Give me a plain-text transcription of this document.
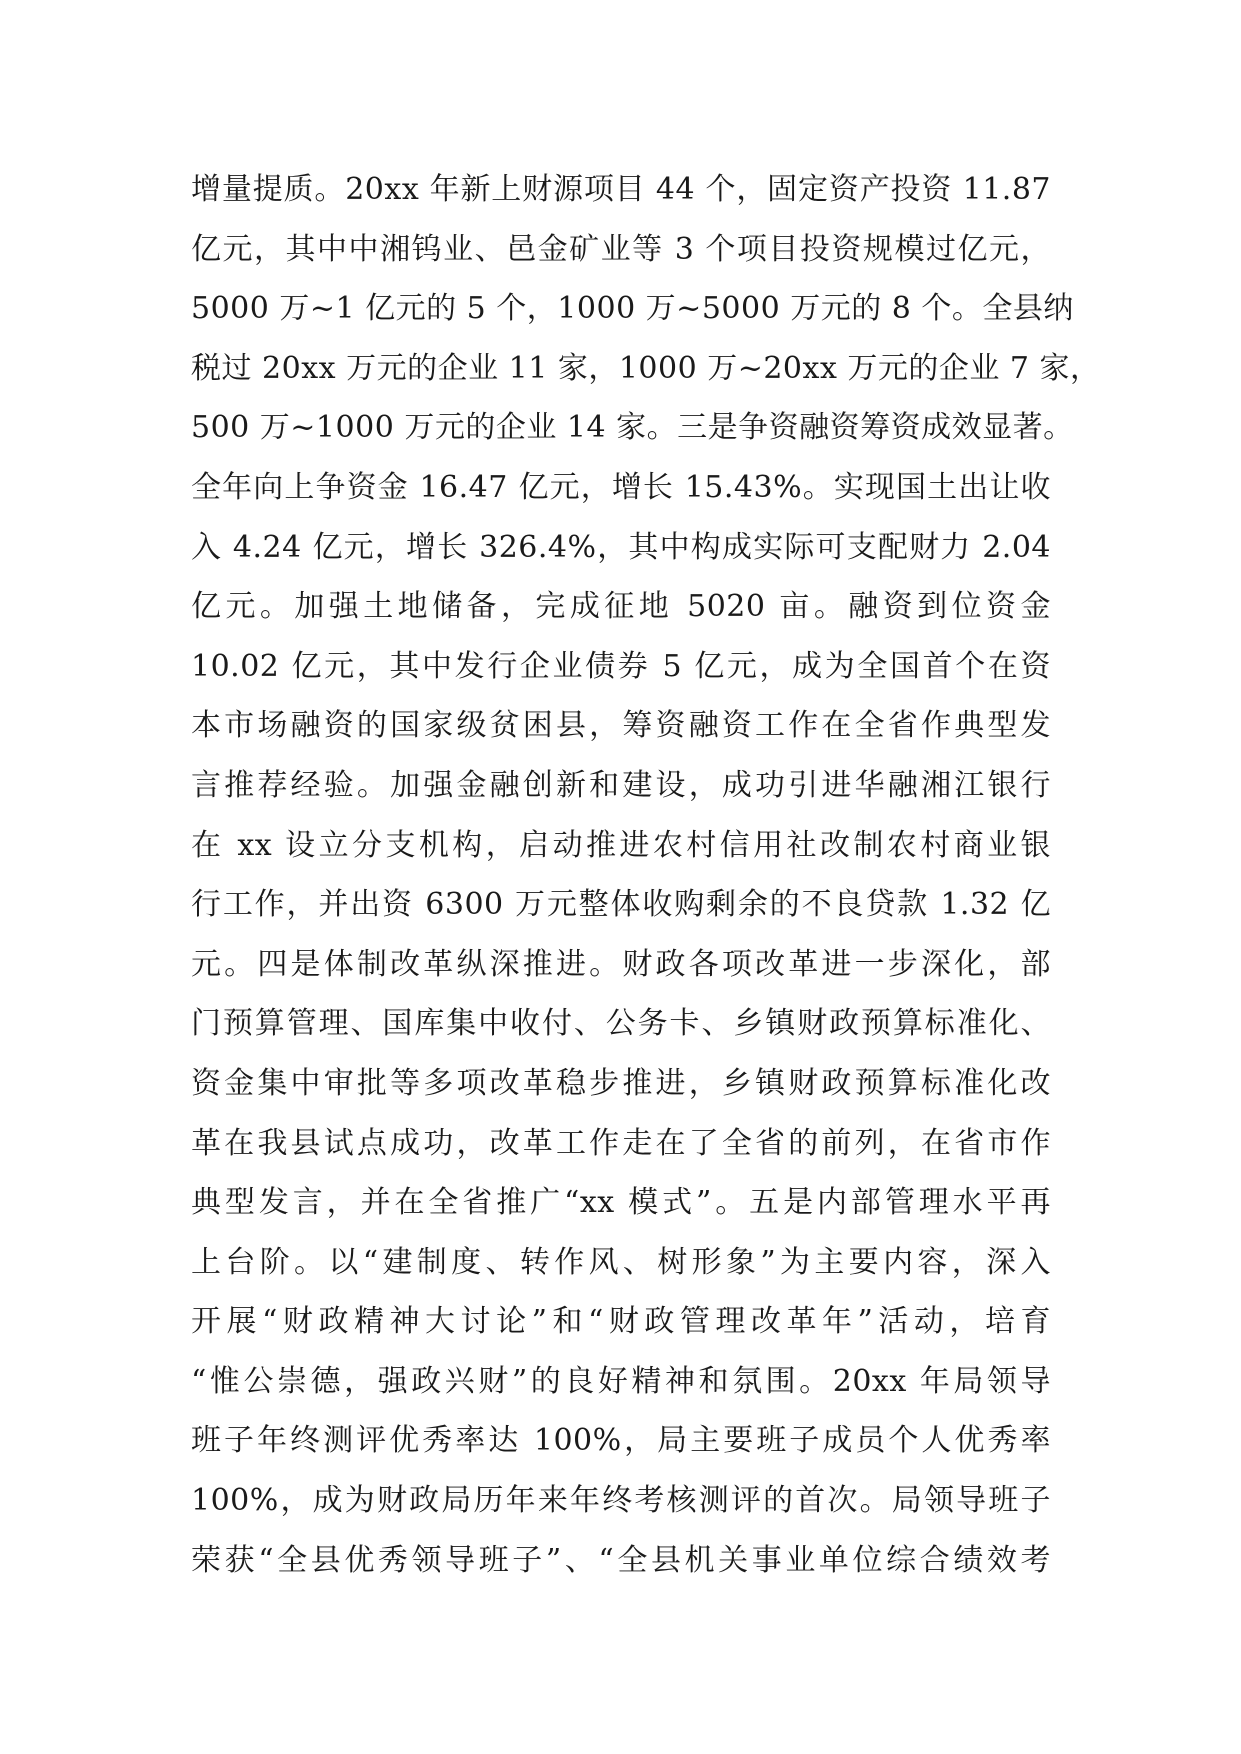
增量提质。20xx 年新上财源项目 44 个，固定资产投资 11.87
亿元，其中中湘钨业、邑金矿业等 3 个项目投资规模过亿元，
5000 万~1 亿元的 5 个，1000 万~5000 万元的 8 个。全县纳
税过 20xx 万元的企业 11 家，1000 万~20xx 万元的企业 7 家，
500 万~1000 万元的企业 14 家。三是争资融资筹资成效显著。
全年向上争资金 16.47 亿元，增长 15.43%。实现国土出让收
入 4.24 亿元，增长 326.4%，其中构成实际可支配财力 2.04
亿元。加强土地储备，完成征地 5020 亩。融资到位资金
10.02 亿元，其中发行企业债券 5 亿元，成为全国首个在资
本市场融资的国家级贫困县，筹资融资工作在全省作典型发
言推荐经验。加强金融创新和建设，成功引进华融湘江银行
在 xx 设立分支机构，启动推进农村信用社改制农村商业银
行工作，并出资 6300 万元整体收购剩余的不良贷款 1.32 亿
元。四是体制改革纵深推进。财政各项改革进一步深化，部
门预算管理、国库集中收付、公务卡、乡镇财政预算标准化、
资金集中审批等多项改革稳步推进，乡镇财政预算标准化改
革在我县试点成功，改革工作走在了全省的前列，在省市作
典型发言，并在全省推广“xx 模式”。五是内部管理水平再
上台阶。以“建制度、转作风、树形象”为主要内容，深入
开展“财政精神大讨论”和“财政管理改革年”活动，培育
“惟公崇德，强政兴财”的良好精神和氛围。20xx 年局领导
班子年终测评优秀率达 100%，局主要班子成员个人优秀率
100%，成为财政局历年来年终考核测评的首次。局领导班子
荣获“全县优秀领导班子”、“全县机关事业单位综合绩效考
